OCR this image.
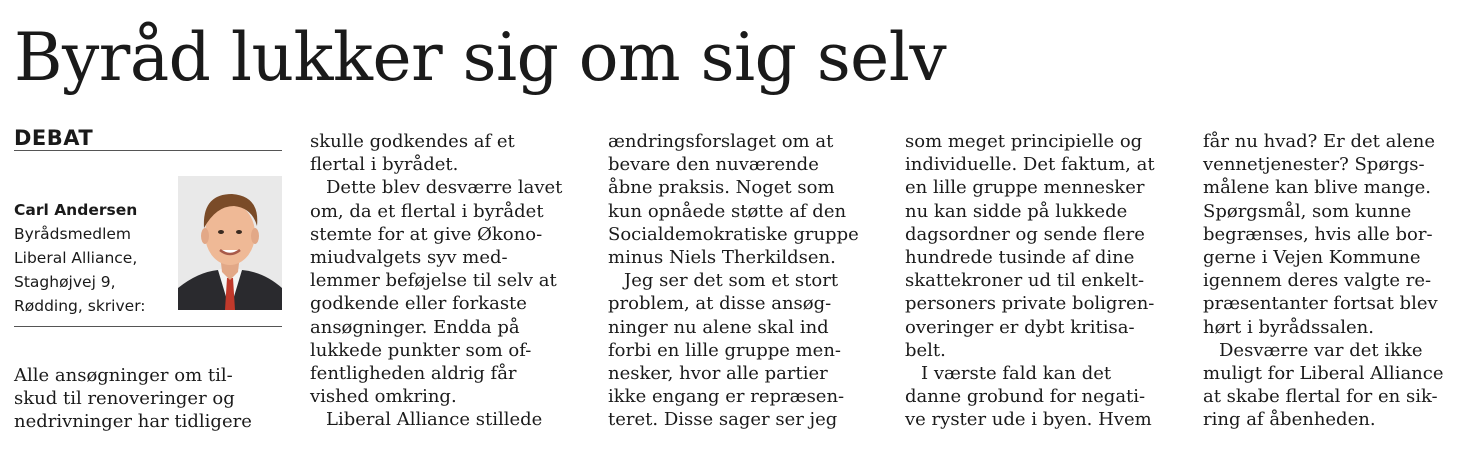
Byråd lukker sig om sig selv
DEBAT
Carl Andersen
Byrådsmedlem
Liberal Alliance,
Staghøjvej 9,
Rødding, skriver:
Alle ansøgninger om til-
skud til renoveringer og
nedrivninger har tidligere
skulle godkendes af et
flertal i byrådet.
Dette blev desværre lavet
om, da et flertal i byrådet
stemte for at give Økono-
miudvalgets syv med-
lemmer beføjelse til selv at
godkende eller forkaste
ansøgninger. Endda på
lukkede punkter som of-
fentligheden aldrig får
vished omkring.
Liberal Alliance stillede
ændringsforslaget om at
bevare den nuværende
åbne praksis. Noget som
kun opnåede støtte af den
Socialdemokratiske gruppe
minus Niels Therkildsen.
Jeg ser det som et stort
problem, at disse ansøg-
ninger nu alene skal ind
forbi en lille gruppe men-
nesker, hvor alle partier
ikke engang er repræsen-
teret. Disse sager ser jeg
som meget principielle og
individuelle. Det faktum, at
en lille gruppe mennesker
nu kan sidde på lukkede
dagsordner og sende flere
hundrede tusinde af dine
skattekroner ud til enkelt-
personers private boligren-
overinger er dybt kritisa-
belt.
I værste fald kan det
danne grobund for negati-
ve ryster ude i byen. Hvem
får nu hvad? Er det alene
vennetjenester? Spørgs-
målene kan blive mange.
Spørgsmål, som kunne
begrænses, hvis alle bor-
gerne i Vejen Kommune
igennem deres valgte re-
præsentanter fortsat blev
hørt i byrådssalen.
Desværre var det ikke
muligt for Liberal Alliance
at skabe flertal for en sik-
ring af åbenheden.
